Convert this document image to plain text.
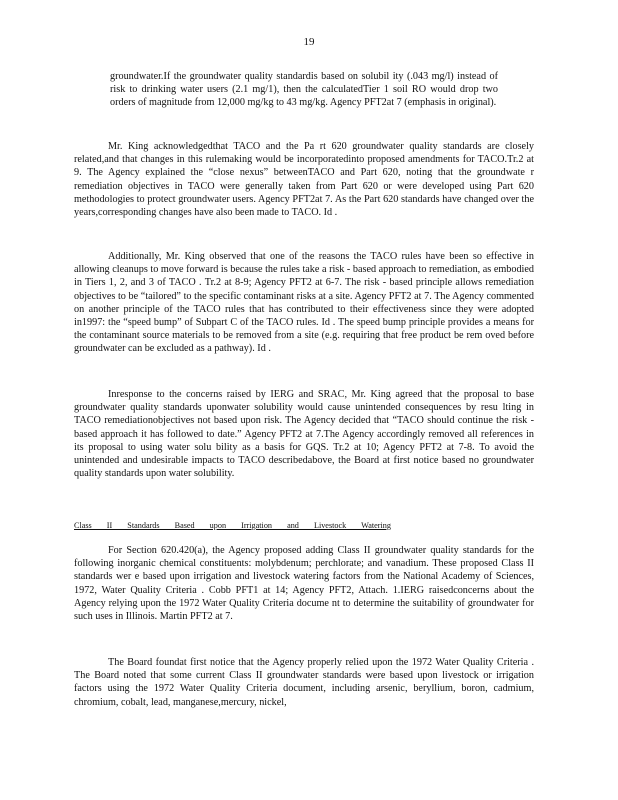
19
groundwater.If the groundwater quality standardis based on solubil ity (.043 mg/l) instead of risk to drinking water users (2.1 mg/1), then the calculatedTier 1 soil RO would drop two orders of magnitude from 12,000 mg/kg to 43 mg/kg. Agency PFT2at 7 (emphasis in original).

Mr. King acknowledgedthat TACO and the Pa rt 620 groundwater quality standards are closely related,and that changes in this rulemaking would be incorporatedinto proposed amendments for TACO.Tr.2 at 9. The Agency explained the “close nexus” betweenTACO and Part 620, noting that the groundwate r remediation objectives in TACO were generally taken from Part 620 or were developed using Part 620 methodologies to protect groundwater users. Agency PFT2at 7. As the Part 620 standards have changed over the years,corresponding changes have also been made to TACO. Id .

Additionally, Mr. King observed that one of the reasons the TACO rules have been so effective in allowing cleanups to move forward is because the rules take a risk - based approach to remediation, as embodied in Tiers 1, 2, and 3 of TACO . Tr.2 at 8-9; Agency PFT2 at 6-7. The risk - based principle allows remediation objectives to be “tailored” to the specific contaminant risks at a site. Agency PFT2 at 7. The Agency commented on another principle of the TACO rules that has contributed to their effectiveness since they were adopted in1997: the “speed bump” of Subpart C of the TACO rules. Id . The speed bump principle provides a means for the contaminant source materials to be removed from a site (e.g. requiring that free product be rem oved before groundwater can be excluded as a pathway). Id .

Inresponse to the concerns raised by IERG and SRAC, Mr. King agreed that the proposal to base groundwater quality standards uponwater solubility would cause unintended consequences by resu lting in TACO remediationobjectives not based upon risk. The Agency decided that “TACO should continue the risk - based approach it has followed to date.” Agency PFT2 at 7.The Agency accordingly removed all references in its proposal to using water solu bility as a basis for GQS. Tr.2 at 10; Agency PFT2 at 7-8. To avoid the unintended and undesirable impacts to TACO describedabove, the Board at first notice based no groundwater quality standards upon water solubility.

Class II Standards Based upon Irrigation and Livestock Watering

For Section 620.420(a), the Agency proposed adding Class II groundwater quality standards for the following inorganic chemical constituents: molybdenum; perchlorate; and vanadium. These proposed Class II standards wer e based upon irrigation and livestock watering factors from the National Academy of Sciences, 1972, Water Quality Criteria . Cobb PFT1 at 14; Agency PFT2, Attach. 1.IERG raisedconcerns about the Agency relying upon the 1972 Water Quality Criteria docume nt to determine the suitability of groundwater for such uses in Illinois. Martin PFT2 at 7.

The Board foundat first notice that the Agency properly relied upon the 1972 Water Quality Criteria . The Board noted that some current Class II groundwater standards were based upon livestock or irrigation factors using the 1972 Water Quality Criteria document, including arsenic, beryllium, boron, cadmium, chromium, cobalt, lead, manganese,mercury, nickel,
